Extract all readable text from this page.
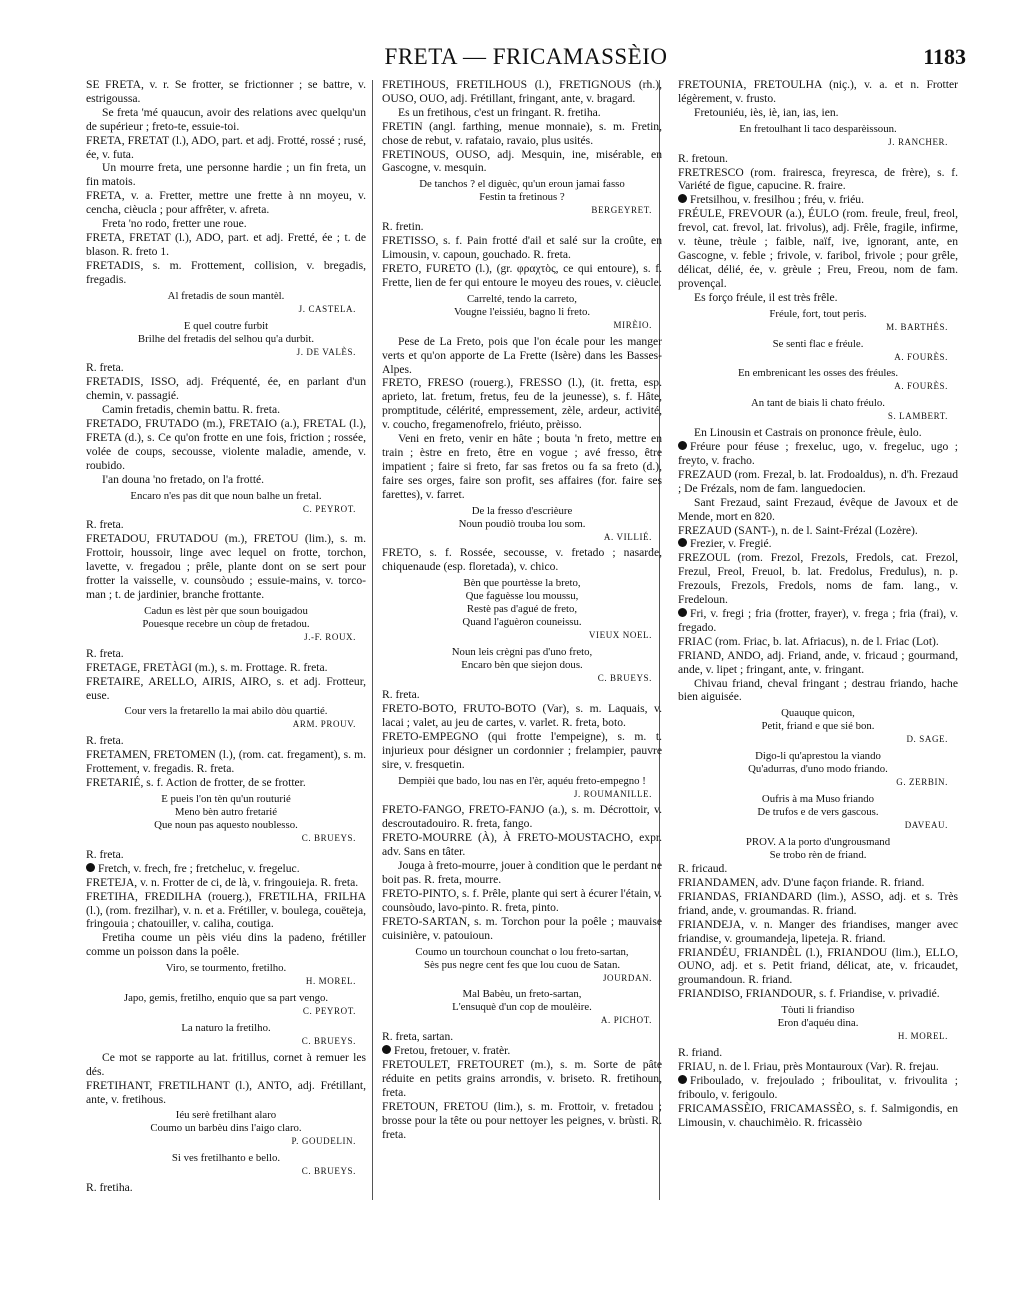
FRETA — FRICAMASSÈIO	1183
SE FRETA, v. r. Se frotter, se frictionner ; se battre, v. estrigoussa.
Se freta 'mé quaucun, avoir des relations avec quelqu'un de supérieur ; freto-te, essuie-toi.
FRETA, FRETAT (l.), ADO, part. et adj. Frotté, rossé ; rusé, ée, v. futa.
Un mourre freta, une personne hardie ; un fin freta, un fin matois.
FRETA, v. a. Fretter, mettre une frette à nn moyeu, v. cencha, cièucla ; pour affrêter, v. afreta.
Freta 'no rodo, fretter une roue.
FRETA, FRETAT (l.), ADO, part. et adj. Fretté, ée ; t. de blason. R. freto 1.
FRETADIS, s. m. Frottement, collision, v. bregadis, fregadis.
Al fretadis de soun mantèl.
J. CASTELA.
E quel coutre furbit
Brilhe del fretadis del selhou qu'a durbit.
J. DE VALÈS.
R. freta.
FRETADIS, ISSO, adj. Fréquenté, ée, en parlant d'un chemin, v. passagié.
Camin fretadis, chemin battu. R. freta.
FRETADO, FRUTADO (m.), FRETAIO (a.), FRETAL (l.), FRETA (d.), s. Ce qu'on frotte en une fois, friction ; rossée, volée de coups, secousse, violente maladie, amende, v. roubido.
I'an douna 'no fretado, on l'a frotté.
Encaro n'es pas dit que noun balhe un fretal.
C. PEYROT.
R. freta.
FRETADOU, FRUTADOU (m.), FRETOU (lim.), s. m. Frottoir, houssoir, linge avec lequel on frotte, torchon, lavette, v. fregadou ; prêle, plante dont on se sert pour frotter la vaisselle, v. counsòudo ; essuie-mains, v. torco-man ; t. de jardinier, branche frottante.
Cadun es lèst pèr que soun bouigadou
Pouesque recebre un còup de fretadou.
J.-F. ROUX.
R. freta.
FRETAGE, FRETÀGI (m.), s. m. Frottage. R. freta.
FRETAIRE, ARELLO, AIRIS, AIRO, s. et adj. Frotteur, euse.
Cour vers la fretarello la mai abilo dòu quartié.
ARM. PROUV.
R. freta.
FRETAMEN, FRETOMEN (l.), (rom. cat. fregament), s. m. Frottement, v. fregadis. R. freta.
FRETARIÉ, s. f. Action de frotter, de se frotter.
E pueis l'on tèn qu'un routurié
Meno bèn autro fretarié
Que noun pas aquesto noublesso.
C. BRUEYS.
R. freta.
Fretch, v. frech, fre ; fretcheluc, v. fregeluc.
FRETEJA, v. n. Frotter de ci, de là, v. fringouieja. R. freta.
FRETIHA, FREDILHA (rouerg.), FRETILHA, FRILHA (l.), (rom. frezilhar), v. n. et a. Frétiller, v. boulega, couëteja, fringouia ; chatouiller, v. caliha, coutiga.
Fretiha coume un pèis viéu dins la padeno, frétiller comme un poisson dans la poêle.
Viro, se tourmento, fretilho.
H. MOREL.
Japo, gemis, fretilho, enquio que sa part vengo.
C. PEYROT.
La naturo la fretilho.
C. BRUEYS.
Ce mot se rapporte au lat. fritillus, cornet à remuer les dés.
FRETIHANT, FRETILHANT (l.), ANTO, adj. Frétillant, ante, v. fretihous.
Iéu serè fretilhant alaro
Coumo un barbèu dins l'aigo claro.
P. GOUDELIN.
Si ves fretilhanto e bello.
C. BRUEYS.
R. fretiha.
FRETIHOUS, FRETILHOUS (l.), FRETIGNOUS (rh.), OUSO, OUO, adj. Frétillant, fringant, ante, v. bragard.
Es un fretihous, c'est un fringant. R. fretiha.
FRETIN (angl. farthing, menue monnaie), s. m. Fretin, chose de rebut, v. rafataio, ravaio, plus usités.
FRETINOUS, OUSO, adj. Mesquin, ine, misérable, en Gascogne, v. mesquin.
De tanchos ? el diguèc, qu'un eroun jamai fasso
Festin ta fretinous ?
BERGEYRET.
R. fretin.
FRETISSO, s. f. Pain frotté d'ail et salé sur la croûte, en Limousin, v. capoun, gouchado. R. freta.
FRETO, FURETO (l.), (gr. φραχτὸς, ce qui entoure), s. f. Frette, lien de fer qui entoure le moyeu des roues, v. cièucle.
Carrelté, tendo la carreto,
Vougne l'eissiéu, bagno li freto.
MIRÈIO.
Pese de La Freto, pois que l'on écale pour les manger verts et qu'on apporte de La Frette (Isère) dans les Basses-Alpes.
FRETO, FRESO (rouerg.), FRESSO (l.), (it. fretta, esp. aprieto, lat. fretum, fretus, feu de la jeunesse), s. f. Hâte, promptitude, célérité, empressement, zèle, ardeur, activité, v. coucho, fregamenofrelo, friéuto, prèisso.
Veni en freto, venir en hâte ; bouta 'n freto, mettre en train ; èstre en freto, être en vogue ; avé fresso, être impatient ; faire si freto, far sas fretos ou fa sa freto (d.), faire ses orges, faire son profit, ses affaires (for. faire ses farettes), v. farret.
De la fresso d'escrièure
Noun poudiò trouba lou som.
A. VILLIÉ.
FRETO, s. f. Rossée, secousse, v. fretado ; nasarde, chiquenaude (esp. floretada), v. chico.
Bèn que pourtèsse la breto,
Que faguèsse lou moussu,
Restè pas d'agué de freto,
Quand l'aguèron couneissu.
VIEUX NOEL.
Noun leis crègni pas d'uno freto,
Encaro bèn que siejon dous.
C. BRUEYS.
R. freta.
FRETO-BOTO, FRUTO-BOTO (Var), s. m. Laquais, v. lacai ; valet, au jeu de cartes, v. varlet. R. freta, boto.
FRETO-EMPEGNO (qui frotte l'empeigne), s. m. t. injurieux pour désigner un cordonnier ; frelampier, pauvre sire, v. fresquetin.
Dempièi que bado, lou nas en l'èr, aquéu freto-empegno !
J. ROUMANILLE.
FRETO-FANGO, FRETO-FANJO (a.), s. m. Décrottoir, v. descroutadouiro. R. freta, fango.
FRETO-MOURRE (À), À FRETO-MOUSTACHO, expr. adv. Sans en tâter.
Jouga à freto-mourre, jouer à condition que le perdant ne boit pas. R. freta, mourre.
FRETO-PINTO, s. f. Prêle, plante qui sert à écurer l'étain, v. counsòudo, lavo-pinto. R. freta, pinto.
FRETO-SARTAN, s. m. Torchon pour la poêle ; mauvaise cuisinière, v. patouioun.
Coumo un tourchoun counchat o lou freto-sartan,
Sès pus negre cent fes que lou cuou de Satan.
JOURDAN.
Mal Babèu, un freto-sartan,
L'ensuquè d'un cop de moulèire.
A. PICHOT.
R. freta, sartan.
Fretou, fretouer, v. fratèr.
FRETOULET, FRETOURET (m.), s. m. Sorte de pâte réduite en petits grains arrondis, v. briseto. R. fretihoun, freta.
FRETOUN, FRETOU (lim.), s. m. Frottoir, v. fretadou ; brosse pour la tête ou pour nettoyer les peignes, v. brùsti. R. freta.
FRETOUNIA, FRETOULHA (niç.), v. a. et n. Frotter légèrement, v. frusto.
Fretouniéu, iès, iè, ian, ias, ien.
En fretoulhant li taco desparèissoun.
J. RANCHER.
R. fretoun.
FRETRESCO (rom. frairesca, freyresca, de frère), s. f. Variété de figue, capucine. R. fraire.
Fretsilhou, v. fresilhou ; fréu, v. friéu.
FRÉULE, FREVOUR (a.), ÉULO (rom. freule, freul, freol, frevol, cat. frevol, lat. frivolus), adj. Frêle, fragile, infirme, v. tèune, trèule ; faible, naïf, ive, ignorant, ante, en Gascogne, v. feble ; frivole, v. faribol, frivole ; pour grêle, délicat, délié, ée, v. grèule ; Freu, Freou, nom de fam. provençal.
Es forço fréule, il est très frêle.
Fréule, fort, tout peris.
M. BARTHÉS.
Se senti flac e fréule.
A. FOURÈS.
En embrenicant les osses des fréules.
A. FOURÈS.
An tant de biais li chato fréulo.
S. LAMBERT.
En Linousin et Castrais on prononce frèule, èulo.
Fréure pour féuse ; frexeluc, ugo, v. fregeluc, ugo ; freyto, v. fracho.
FREZAUD (rom. Frezal, b. lat. Frodoaldus), n. d'h. Frezaud ; De Frézals, nom de fam. languedocien.
Sant Frezaud, saint Frezaud, évêque de Javoux et de Mende, mort en 820.
FREZAUD (SANT-), n. de l. Saint-Frézal (Lozère).
Frezier, v. Fregié.
FREZOUL (rom. Frezol, Frezols, Fredols, cat. Frezol, Frezul, Freol, Freuol, b. lat. Fredolus, Fredulus), n. p. Frezouls, Frezols, Fredols, noms de fam. lang., v. Fredeloun.
Fri, v. fregi ; fria (frotter, frayer), v. frega ; fria (frai), v. fregado.
FRIAC (rom. Friac, b. lat. Afriacus), n. de l. Friac (Lot).
FRIAND, ANDO, adj. Friand, ande, v. fricaud ; gourmand, ande, v. lipet ; fringant, ante, v. fringant.
Chivau friand, cheval fringant ; destrau friando, hache bien aiguisée.
Quauque quicon,
Petit, friand e que sié bon.
D. SAGE.
Digo-li qu'aprestou la viando
Qu'adurras, d'uno modo friando.
G. ZERBIN.
Oufris à ma Muso friando
De trufos e de vers gascous.
DAVEAU.
PROV. A la porto d'ungrousmand
Se trobo rèn de friand.
R. fricaud.
FRIANDAMEN, adv. D'une façon friande. R. friand.
FRIANDAS, FRIANDARD (lim.), ASSO, adj. et s. Très friand, ande, v. groumandas. R. friand.
FRIANDEJA, v. n. Manger des friandises, manger avec friandise, v. groumandeja, lipeteja. R. friand.
FRIANDÉU, FRIANDÈL (l.), FRIANDOU (lim.), ELLO, OUNO, adj. et s. Petit friand, délicat, ate, v. fricaudet, groumandoun. R. friand.
FRIANDISO, FRIANDOUR, s. f. Friandise, v. privadié.
Tòuti li friandiso
Eron d'aquéu dina.
H. MOREL.
R. friand.
FRIAU, n. de l. Friau, près Montauroux (Var). R. frejau.
Friboulado, v. frejoulado ; friboulitat, v. frivoulita ; friboulo, v. ferigoulo.
FRICAMASSÈIO, FRICAMASSÈO, s. f. Salmigondis, en Limousin, v. chauchimèio. R. fricassèio
